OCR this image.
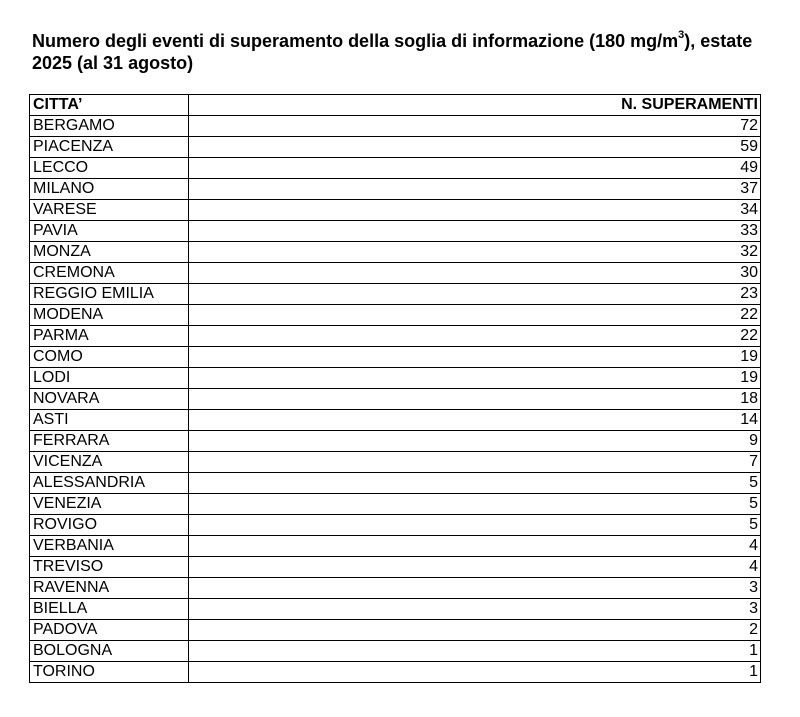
Numero degli eventi di superamento della soglia di informazione (180 $mg/m^3$), estate 2025 (al 31 agosto)
CITTA’	N. SUPERAMENTI
BERGAMO	72
PIACENZA	59
LECCO	49
MILANO	37
VARESE	34
PAVIA	33
MONZA	32
CREMONA	30
REGGIO EMILIA	23
MODENA	22
PARMA	22
COMO	19
LODI	19
NOVARA	18
ASTI	14
FERRARA	9
VICENZA	7
ALESSANDRIA	5
VENEZIA	5
ROVIGO	5
VERBANIA	4
TREVISO	4
RAVENNA	3
BIELLA	3
PADOVA	2
BOLOGNA	1
TORINO	1
